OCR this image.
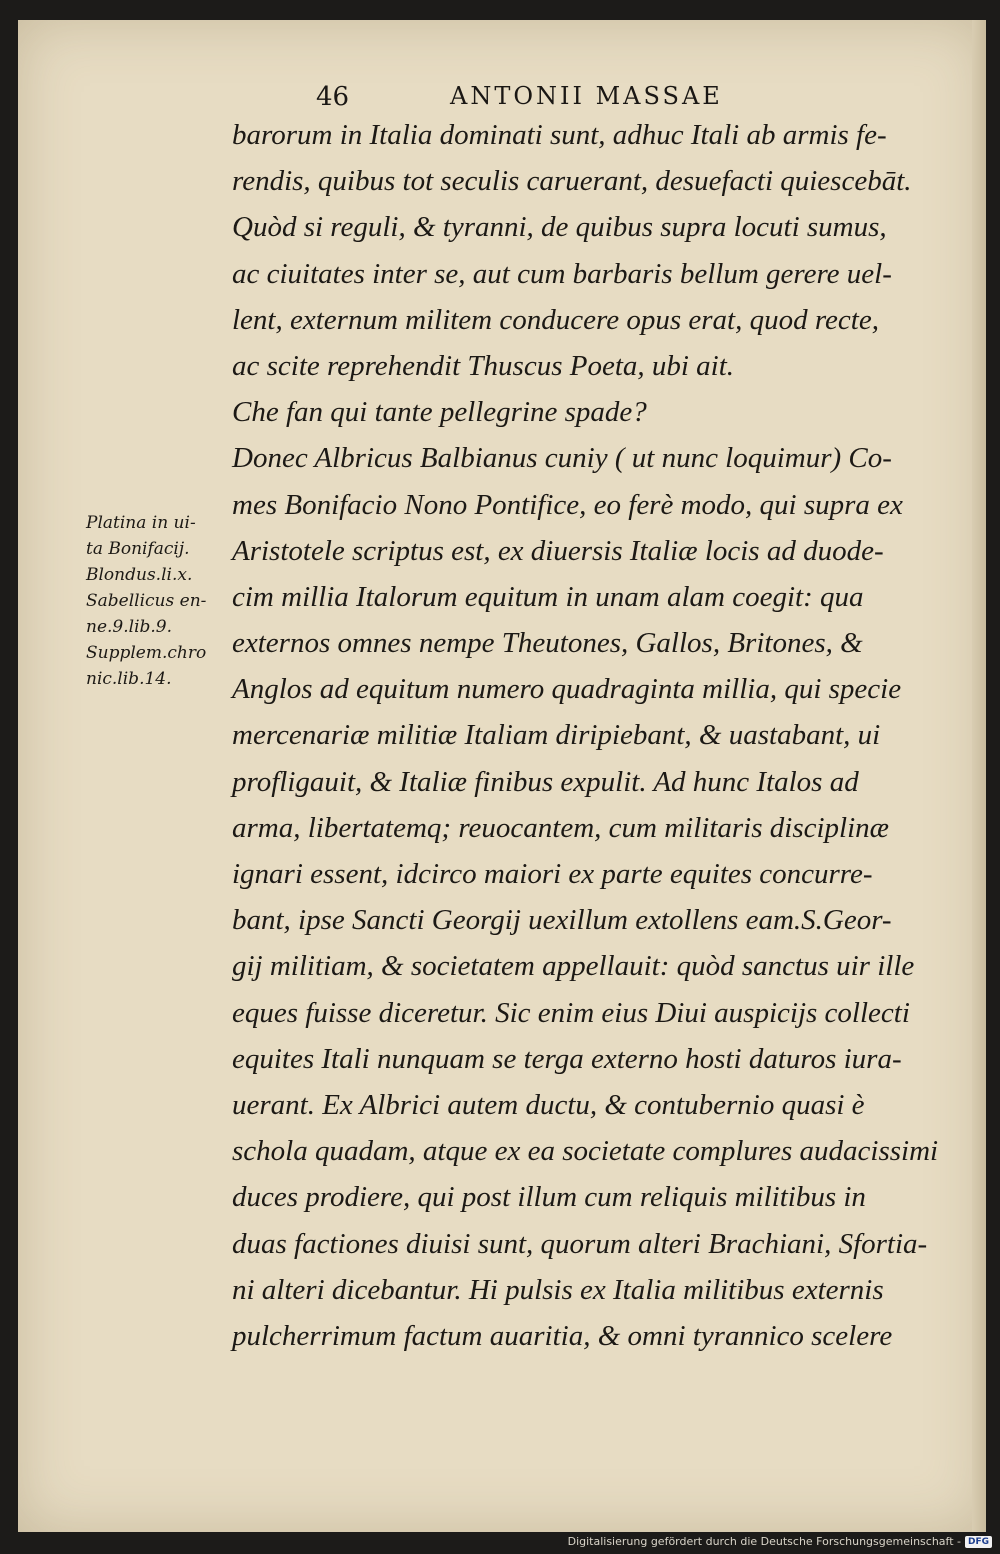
46	ANTONII MASSAE
barorum in Italia dominati sunt, adhuc Itali ab armis fe-
rendis, quibus tot seculis caruerant, desuefacti quiescebāt.
Quòd si reguli, & tyranni, de quibus supra locuti sumus,
ac ciuitates inter se, aut cum barbaris bellum gerere uel-
lent, externum militem conducere opus erat, quod recte,
ac scite reprehendit Thuscus Poeta, ubi ait.
Che fan qui tante pellegrine spade?
Donec Albricus Balbianus cuniy ( ut nunc loquimur) Co-
mes Bonifacio Nono Pontifice, eo ferè modo, qui supra ex
Aristotele scriptus est, ex diuersis Italiæ locis ad duode-
cim millia Italorum equitum in unam alam coegit: qua
externos omnes nempe Theutones, Gallos, Britones, &
Anglos ad equitum numero quadraginta millia, qui specie
mercenariæ militiæ Italiam diripiebant, & uastabant, ui
profligauit, & Italiæ finibus expulit. Ad hunc Italos ad
arma, libertatemq; reuocantem, cum militaris disciplinæ
ignari essent, idcirco maiori ex parte equites concurre-
bant, ipse Sancti Georgij uexillum extollens eam.S.Geor-
gij militiam, & societatem appellauit: quòd sanctus uir ille
eques fuisse diceretur. Sic enim eius Diui auspicijs collecti
equites Itali nunquam se terga externo hosti daturos iura-
uerant. Ex Albrici autem ductu, & contubernio quasi è
schola quadam, atque ex ea societate complures audacissimi
duces prodiere, qui post illum cum reliquis militibus in
duas factiones diuisi sunt, quorum alteri Brachiani, Sfortia-
ni alteri dicebantur. Hi pulsis ex Italia militibus externis
pulcherrimum factum auaritia, & omni tyrannico scelere
Platina in ui-
ta Bonifacij.
Blondus.li.x.
Sabellicus en-
ne.9.lib.9.
Supplem.chro
nic.lib.14.
Digitalisierung gefördert durch die Deutsche Forschungsgemeinschaft - DFG
